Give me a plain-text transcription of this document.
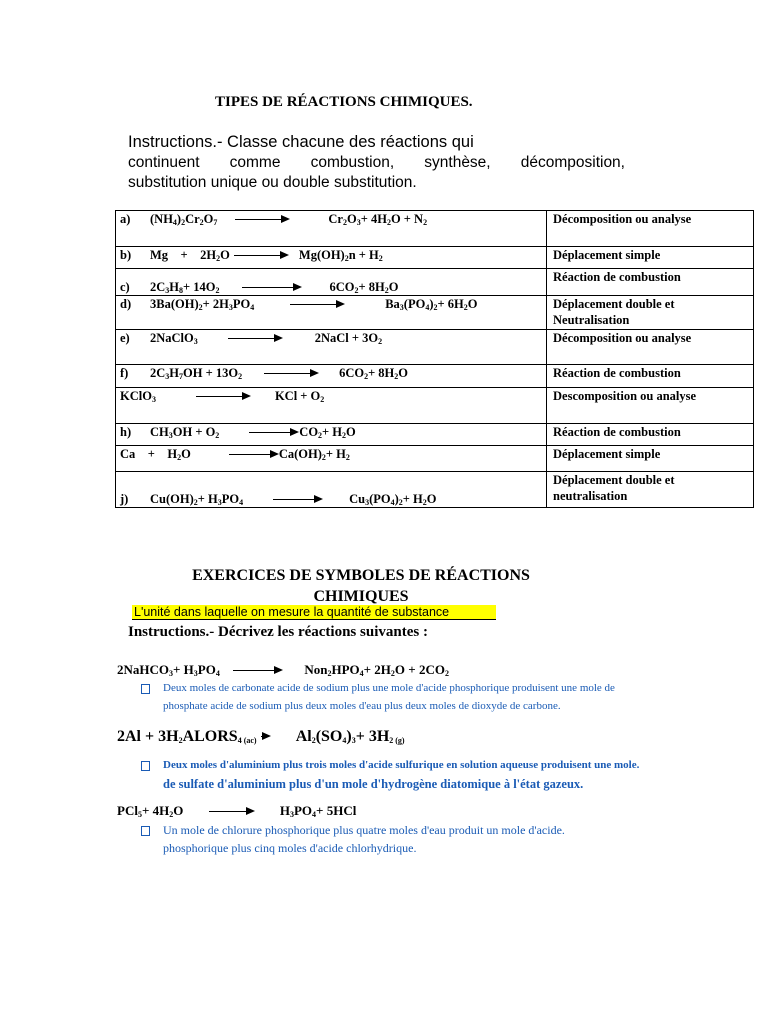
TIPES DE RÉACTIONS CHIMIQUES.
Instructions.- Classe chacune des réactions qui
continuent comme combustion, synthèse, décomposition,
substitution unique ou double substitution.
a) $(NH_4)_2Cr_2O_7$ $Cr_2O_3+ 4H_2O + N_2$	Décomposition ou analyse
b) Mg    +    $2H_2O$ $Mg(OH)_2n + H_2$	Déplacement simple
c) $2C_3H_8+ 14O_2$ $6CO_2+ 8H_2O$	Réaction de combustion
d) $3Ba(OH)_2+ 2H_3PO_4$ $Ba_3(PO_4)_2+ 6H_2O$	Déplacement double et Neutralisation
e) 2NaClO$_3$ 2NaCl + $3O_2$	Décomposition ou analyse
f) $2C_3H_7OH + 13O_2$ $6CO_2+ 8H_2O$	Réaction de combustion
KClO$_3$ KCl + $O_2$	Descomposition ou analyse
h) $CH_3OH + O_2$ $CO_2+ H_2O$	Réaction de combustion
Ca    +    $H_2O$ $Ca(OH)_2+ H_2$	Déplacement simple
j) $Cu(OH)_2+ H_3PO_4$ $Cu_3(PO_4)_2+ H_2O$	Déplacement double et neutralisation
EXERCICES DE SYMBOLES DE RÉACTIONS CHIMIQUES
L'unité dans laquelle on mesure la quantité de substance
Instructions.- Décrivez les réactions suivantes :
2NaHCO$_3$+ $H_3PO_4$	$Non_2HPO_4+ 2H_2O + 2CO_2$
Deux moles de carbonate acide de sodium plus une mole d'acide phosphorique produisent une mole de
phosphate acide de sodium plus deux moles d'eau plus deux moles de dioxyde de carbone.
$2Al + 3H_2ALORS_{4 (ac)}$ $Al_2(SO_4)_3+ 3H_{2 (g)}$
Deux moles d'aluminium plus trois moles d'acide sulfurique en solution aqueuse produisent une mole.
de sulfate d'aluminium plus d'un mole d'hydrogène diatomique à l'état gazeux.
$PCl_5+ 4H_2O$	$H_3PO_4+ 5HCl$
Un mole de chlorure phosphorique plus quatre moles d'eau produit un mole d'acide.
phosphorique plus cinq moles d'acide chlorhydrique.
